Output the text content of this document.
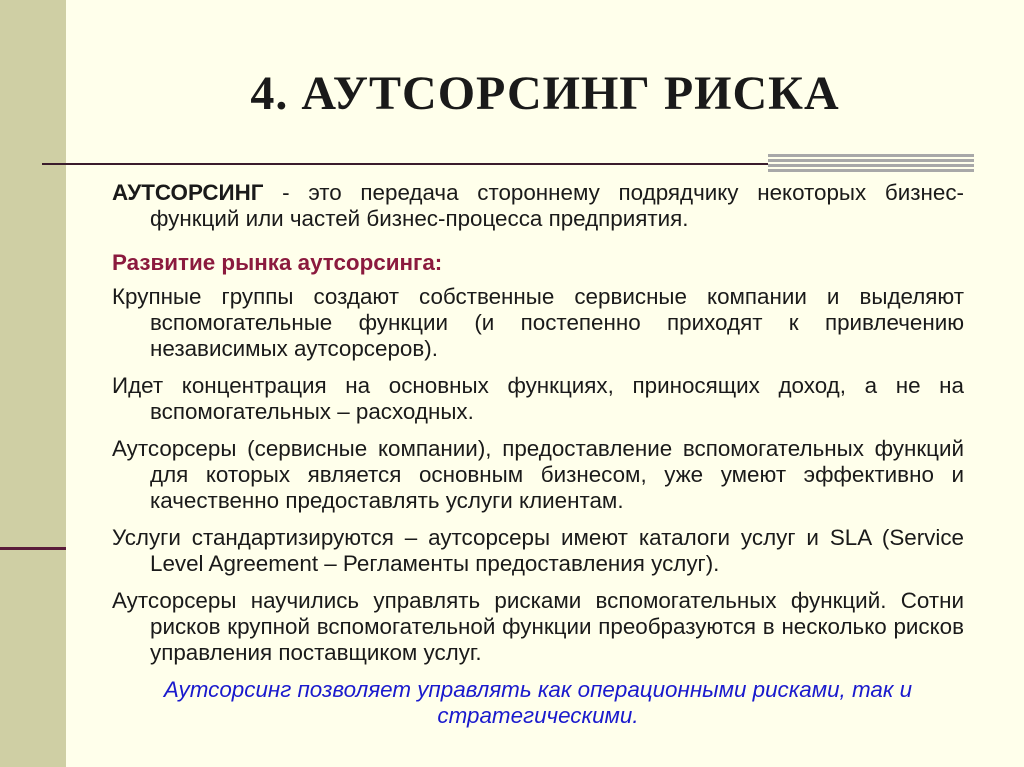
4. АУТСОРСИНГ РИСКА

АУТСОРСИНГ - это передача стороннему подрядчику некоторых бизнес-функций или частей бизнес-процесса предприятия.

Развитие рынка аутсорсинга:

Крупные группы создают собственные сервисные компании и выделяют вспомогательные функции (и постепенно приходят к привлечению независимых аутсорсеров).

Идет концентрация на основных функциях, приносящих доход, а не на вспомогательных – расходных.

Аутсорсеры (сервисные компании), предоставление вспомогательных функций для которых является основным бизнесом, уже умеют эффективно и качественно предоставлять услуги клиентам.

Услуги стандартизируются – аутсорсеры имеют каталоги услуг и SLA (Service Level Agreement – Регламенты предоставления услуг).

Аутсорсеры научились управлять рисками вспомогательных функций. Сотни рисков крупной вспомогательной функции преобразуются в несколько рисков управления поставщиком услуг.

Аутсорсинг позволяет управлять как операционными рисками, так и стратегическими.
